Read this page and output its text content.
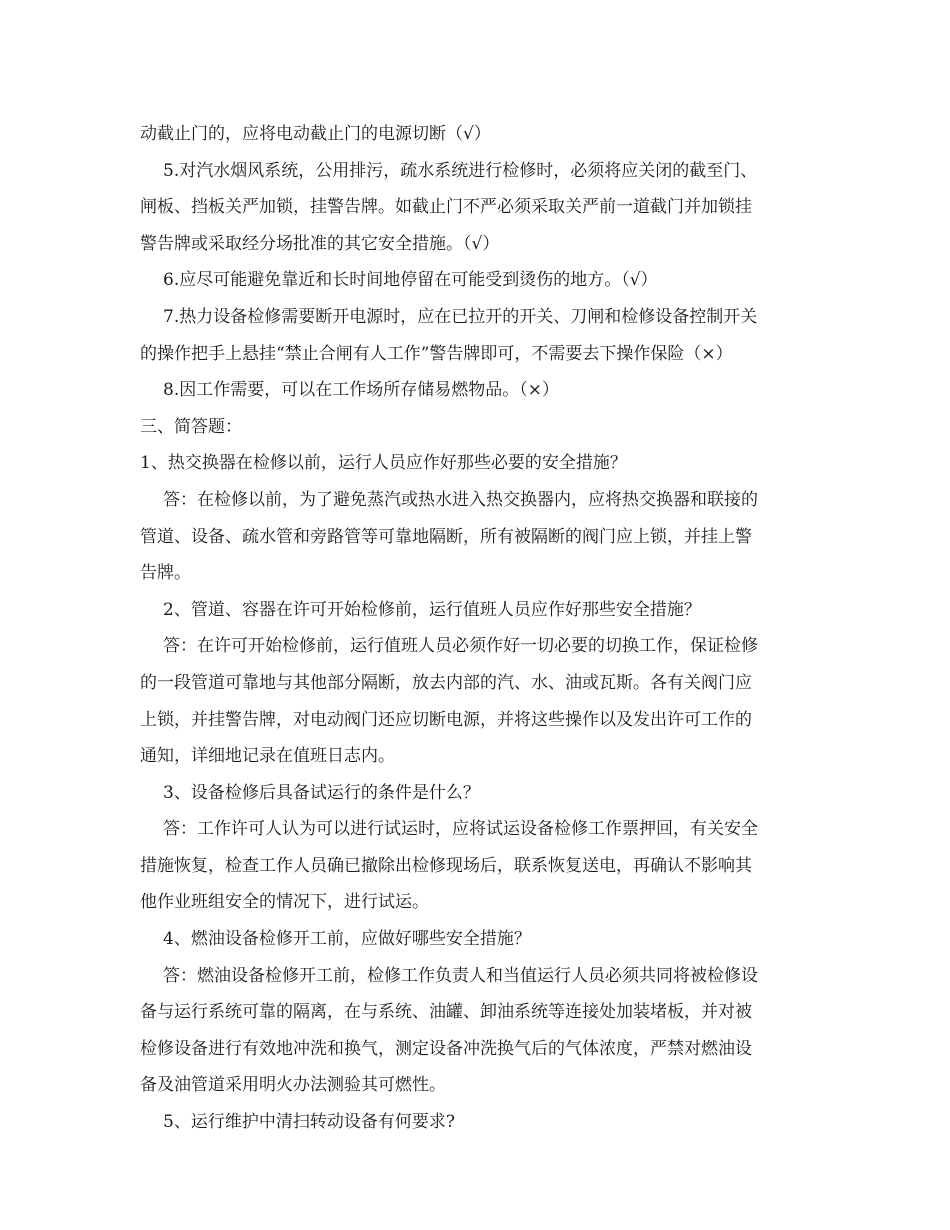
动截止门的，应将电动截止门的电源切断（√）
5.对汽水烟风系统，公用排污，疏水系统进行检修时，必须将应关闭的截至门、
闸板、挡板关严加锁，挂警告牌。如截止门不严必须采取关严前一道截门并加锁挂
警告牌或采取经分场批准的其它安全措施。（√）
6.应尽可能避免靠近和长时间地停留在可能受到烫伤的地方。（√）
7.热力设备检修需要断开电源时，应在已拉开的开关、刀闸和检修设备控制开关
的操作把手上悬挂“禁止合闸有人工作”警告牌即可，不需要去下操作保险（×）
8.因工作需要，可以在工作场所存储易燃物品。（×）
三、简答题：
1、热交换器在检修以前，运行人员应作好那些必要的安全措施？
答：在检修以前，为了避免蒸汽或热水进入热交换器内，应将热交换器和联接的
管道、设备、疏水管和旁路管等可靠地隔断，所有被隔断的阀门应上锁，并挂上警
告牌。
2、管道、容器在许可开始检修前，运行值班人员应作好那些安全措施？
答：在许可开始检修前，运行值班人员必须作好一切必要的切换工作，保证检修
的一段管道可靠地与其他部分隔断，放去内部的汽、水、油或瓦斯。各有关阀门应
上锁，并挂警告牌，对电动阀门还应切断电源，并将这些操作以及发出许可工作的
通知，详细地记录在值班日志内。
3、设备检修后具备试运行的条件是什么？
答：工作许可人认为可以进行试运时，应将试运设备检修工作票押回，有关安全
措施恢复，检查工作人员确已撤除出检修现场后，联系恢复送电，再确认不影响其
他作业班组安全的情况下，进行试运。
4、燃油设备检修开工前，应做好哪些安全措施？
答：燃油设备检修开工前，检修工作负责人和当值运行人员必须共同将被检修设
备与运行系统可靠的隔离，在与系统、油罐、卸油系统等连接处加装堵板，并对被
检修设备进行有效地冲洗和换气，测定设备冲洗换气后的气体浓度，严禁对燃油设
备及油管道采用明火办法测验其可燃性。
5、运行维护中清扫转动设备有何要求?
